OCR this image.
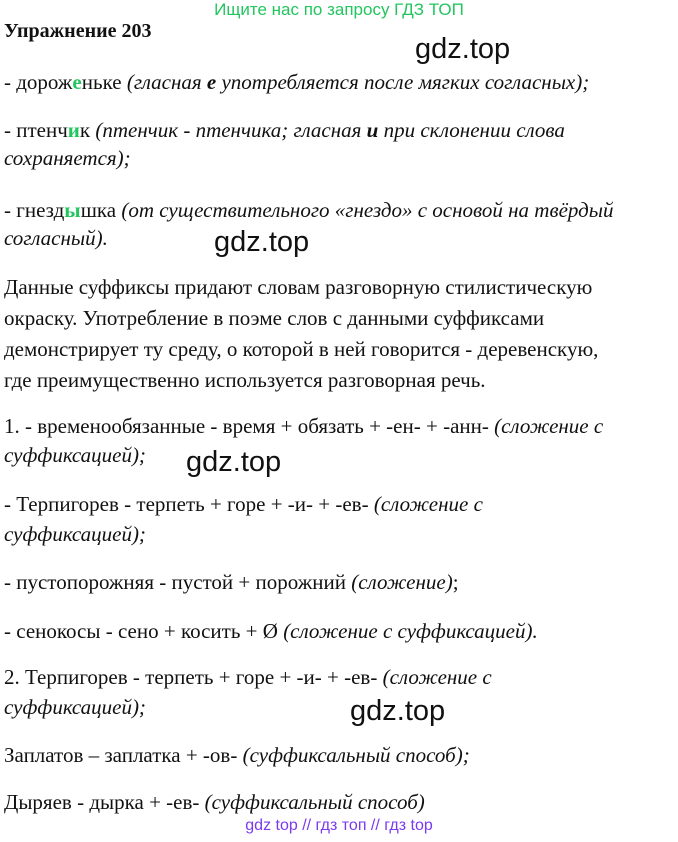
Ищите нас по запросу ГДЗ ТОП
Упражнение 203
gdz.top
gdz.top
gdz.top
gdz.top
- дороженьке (гласная е употребляется после мягких согласных);
- птенчик (птенчик - птенчика; гласная и при склонении слова
сохраняется);
- гнездышка (от существительного «гнездо» с основой на твёрдый
согласный).
Данные суффиксы придают словам разговорную стилистическую
окраску. Употребление в поэме слов с данными суффиксами
демонстрирует ту среду, о которой в ней говорится - деревенскую,
где преимущественно используется разговорная речь.
1. - временообязанные - время + обязать + -ен- + -анн- (сложение с
суффиксацией);
- Терпигорев - терпеть + горе + -и- + -ев- (сложение с
суффиксацией);
- пустопорожняя - пустой + порожний (сложение);
- сенокосы - сено + косить + Ø (сложение с суффиксацией).
2. Терпигорев - терпеть + горе + -и- + -ев- (сложение с
суффиксацией);
Заплатов – заплатка + -ов- (суффиксальный способ);
Дыряев - дырка + -ев- (суффиксальный способ)
gdz top // гдз топ // гдз top
